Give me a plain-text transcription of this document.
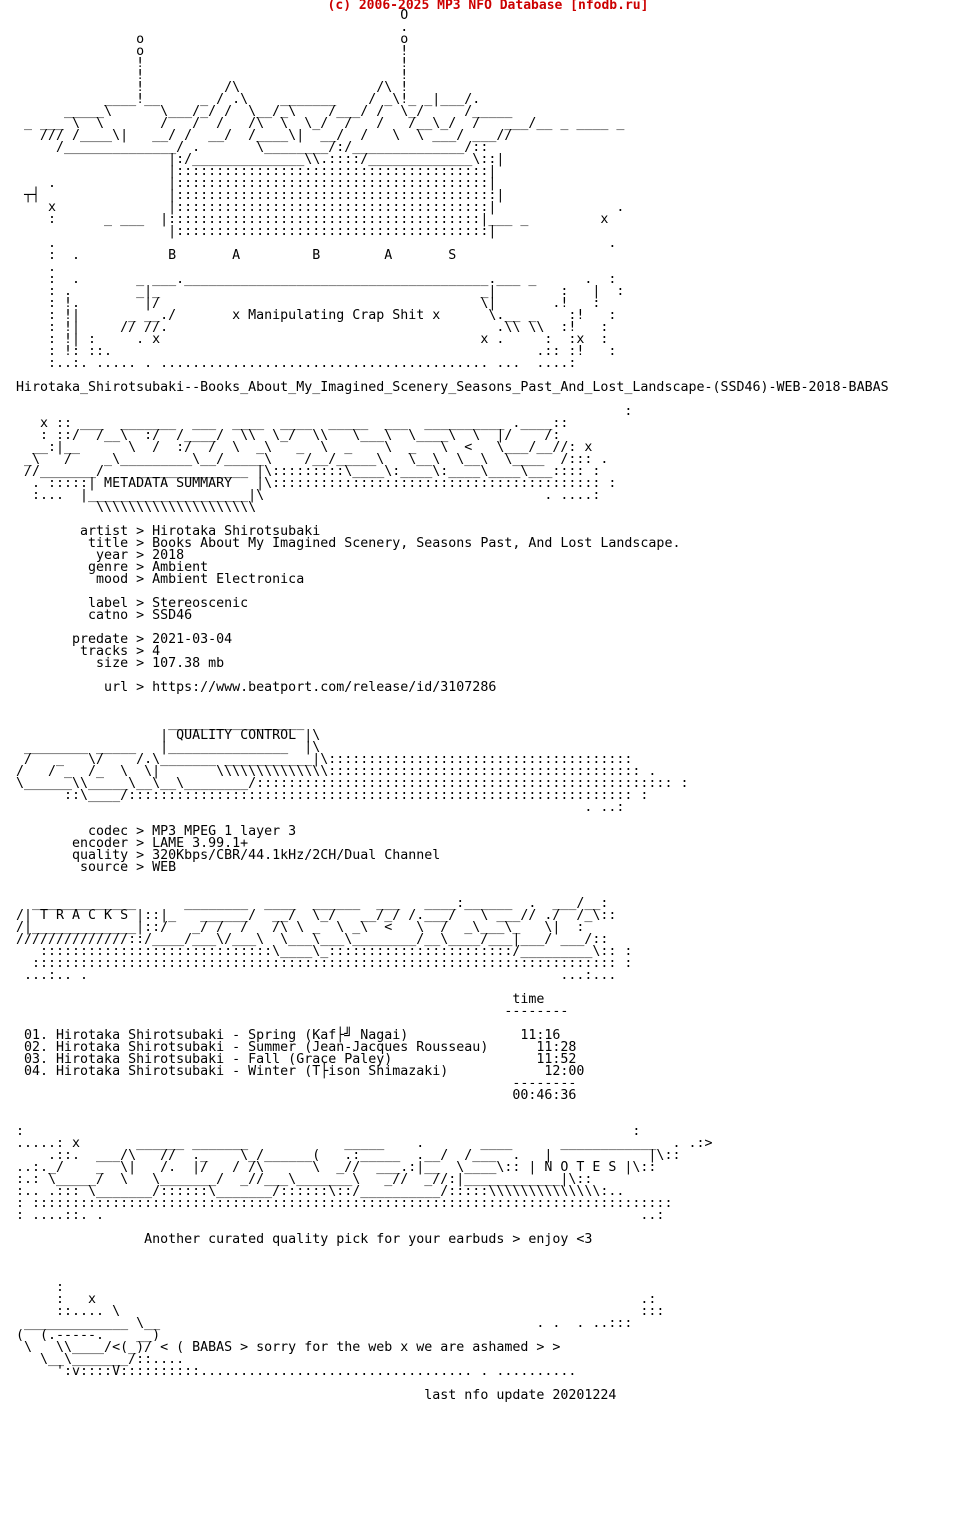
(c) 2006-2025 MP3 NFO Database [nfodb.ru]
O
.
o                                o
o                                !
!                                !
!                                !
!          /\                 /\ !
____!__     _ / .\    _______    / _\!_ _|___/.
_____\      \___/_/ /  \__/_\    /___/ /  \_/     /_____
_ ___ \  \       /   /  /   /\  \  \_/  /   /   /__\_/  /   ___/__ _ ____ _
/// /____\|   __/ /  __/  /____\|  __/  /   \  \ ___/ ___//
/______________/ .       \________/:/______________/::
|:/______________\\.::::/_____________\::|
|:::::::::::::::::::::::::::::::::::::::|
.              |:::::::::::::::::::::::::::::::::::::::|
┬┤                |::::::::::::::::::::::::::::::::::::::::|
x              |:::::::::::::::::::::::::::::::::::::::|               .
:      _ ___  |:::::::::::::::::::::::::::::::::::::::|___ _         x
|:::::::::::::::::::::::::::::::::::::::|
.                                                                     .
:  .           B       A         B        A       S
.
:  .       _ ___.______________________________________.___ _      .  :
: .        _|_                                        _|        :   |  :
: !.        |/                                        \|       .!   :
: !|      _ __./       x Manipulating Crap Shit x      \.__ _    :!   :
: !|     // //.                                         .\\ \\  :!   :
: !| :     . x                                        x .     :  :x  :
: !: ::.                                                     .:: :!   :
:..:. ..... . ......................................... ...  ....:

Hirotaka_Shirotsubaki--Books_About_My_Imagined_Scenery_Seasons_Past_And_Lost_Landscape-(SSD46)-WEB-2018-BABAS

:
x :: ___  _______  ___  ____  ____  _____  ___  __________ .____::
: ::/  /__\  :/  /____/  \\  \_/  \\   \___\  \____\  \  |/    /:
__:|__      \  /  :/  /  \  _\   _  \  _    \  _   \  <   \___/__//: x
_\   /    _\_________\__/_____\    /__/_____\   \__\  \__\  \____  /::: .
//_______/    ______________ |\:::::::::\____\:____\:____\____\___:::: :
. :::::| METADATA SUMMARY   |\::::::::::::::::::::::::::::::::::::::::: :
:...  |____________________|\                                   . ....:
\\\\\\\\\\\\\\\\\\\\

artist > Hirotaka Shirotsubaki
title > Books About My Imagined Scenery, Seasons Past, And Lost Landscape.
year > 2018
genre > Ambient
mood > Ambient Electronica

label > Stereoscenic
catno > SSD46

predate > 2021-03-04
tracks > 4
size > 107.38 mb

url > https://www.beatport.com/release/id/3107286

_________________
| QUALITY CONTROL |\
________ _____   |_______________  |\
/   _   \/    /.\_______ ___________|\::::::::::::::::::::::::::::::::::::::
/   / _  /_  \  \|       \\\\\\\\\\\\\\::::::::::::::::::::::::::::::::::::::: .
\______\\_____\__\__\________/:::::::::::::::::::::::::::::::::::::::::::::::::::: :
::\____/::::::::::::::::::::::::::::::::::::::::::::::::::::::::::::::: :
. ..:

codec > MP3 MPEG 1 layer 3
encoder > LAME 3.99.1+
quality > 320Kbps/CBR/44.1kHz/2CH/Dual Channel
source > WEB

_____________      ________  ____  ______  ___   ____:______  .  ___/__:
/| T R A C K S |::|_   ______/  __/  \_/   __/_/ /.___/   \ ___// ./  /_\::
/|_____________|::/   _/ /  /   /\ \ _  \ _\  <   \  /  _\___\_   \|  :
//////////////::/____/___\/___\  \___\___\________/__\____/___|___/ ___/::
:::::::::::::::::::::::::::::\____\_:::::::::::::::::::::::/_________\:: :
::::::::::::::::::::::::::::::::::::::::::::::::::::::::::::::::::::::::: :
...:.. .                                                           ...:...

time
--------

01. Hirotaka Shirotsubaki - Spring (Kaf├╝ Nagai)              11:16
02. Hirotaka Shirotsubaki - Summer (Jean-Jacques Rousseau)      11:28
03. Hirotaka Shirotsubaki - Fall (Grace Paley)                  11:52
04. Hirotaka Shirotsubaki - Winter (T├ison Shimazaki)            12:00
--------
00:46:36

:                                                                            :
.....: x       ______ _______            _____    .       ____      ____________  . .:>
.::.  ___/\   //  ._    \_/______(   .:_____  .__/  /___  .   |            |\::
..:._/    _  \|   /.  |/   / /\      \  _//  ___.:|__  \____\:: | N O T E S |\::
:.: \_____/  \   \_______/  _//___\_______\   _//  _//:|____________|\::
:.. .::: \_______/::::::\_______/::::::\::/__________/:::::\\\\\\\\\\\\\\:..
: ::::::::::::::::::::::::::::::::::::::::::::::::::::::::::::::::::::::::::::::::
: ....::. .                                                                   ..:

Another curated quality pick for your earbuds > enjoy <3

:
:   x                                                                    .:
::.... \                                                                 :::
_____________ \__                                               . .  . ..:::
(  (.-----.    __)
\   \\____/<(_)/ < ( BABAS > sorry for the web x we are ashamed > >
\__\_______/::....
':v::::V::::::::::.................................. . ..........

last nfo update 20201224
